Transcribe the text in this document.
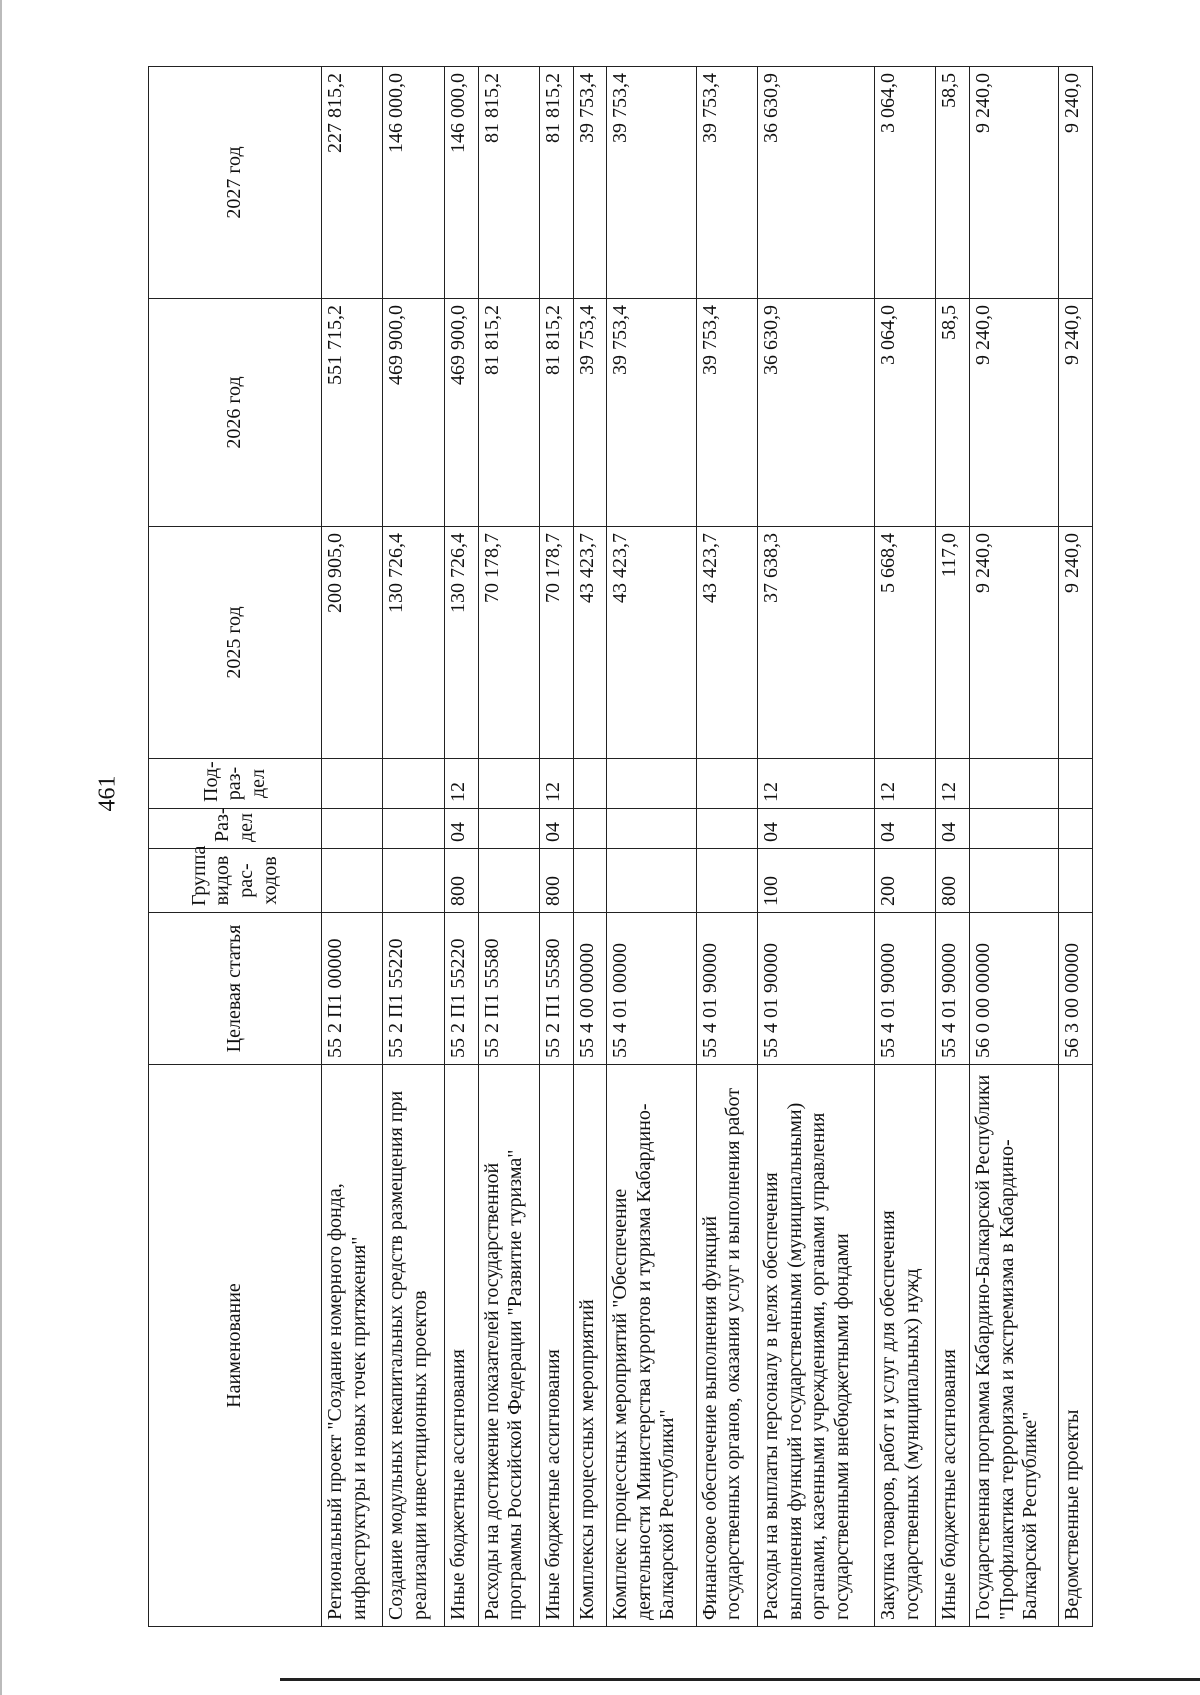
461
Наименование	Целевая статья	Группа видов рас-ходов	Раз-дел	Под-раз-дел	2025 год	2026 год	2027 год
Региональный проект "Создание номерного фонда, инфраструктуры и новых точек притяжения"	55 2 П1 00000				200 905,0	551 715,2	227 815,2
Создание модульных некапитальных средств размещения при реализации инвестиционных проектов	55 2 П1 55220				130 726,4	469 900,0	146 000,0
Иные бюджетные ассигнования	55 2 П1 55220	800	04	12	130 726,4	469 900,0	146 000,0
Расходы на достижение показателей государственной программы Российской Федерации "Развитие туризма"	55 2 П1 55580				70 178,7	81 815,2	81 815,2
Иные бюджетные ассигнования	55 2 П1 55580	800	04	12	70 178,7	81 815,2	81 815,2
Комплексы процессных мероприятий	55 4 00 00000				43 423,7	39 753,4	39 753,4
Комплекс процессных мероприятий "Обеспечение деятельности Министерства курортов и туризма Кабардино-Балкарской Республики"	55 4 01 00000				43 423,7	39 753,4	39 753,4
Финансовое обеспечение выполнения функций государственных органов, оказания услуг и выполнения работ	55 4 01 90000				43 423,7	39 753,4	39 753,4
Расходы на выплаты персоналу в целях обеспечения выполнения функций государственными (муниципальными) органами, казенными учреждениями, органами управления государственными внебюджетными фондами	55 4 01 90000	100	04	12	37 638,3	36 630,9	36 630,9
Закупка товаров, работ и услуг для обеспечения государственных (муниципальных) нужд	55 4 01 90000	200	04	12	5 668,4	3 064,0	3 064,0
Иные бюджетные ассигнования	55 4 01 90000	800	04	12	117,0	58,5	58,5
Государственная программа Кабардино-Балкарской Республики "Профилактика терроризма и экстремизма в Кабардино-Балкарской Республике"	56 0 00 00000				9 240,0	9 240,0	9 240,0
Ведомственные проекты	56 3 00 00000				9 240,0	9 240,0	9 240,0
